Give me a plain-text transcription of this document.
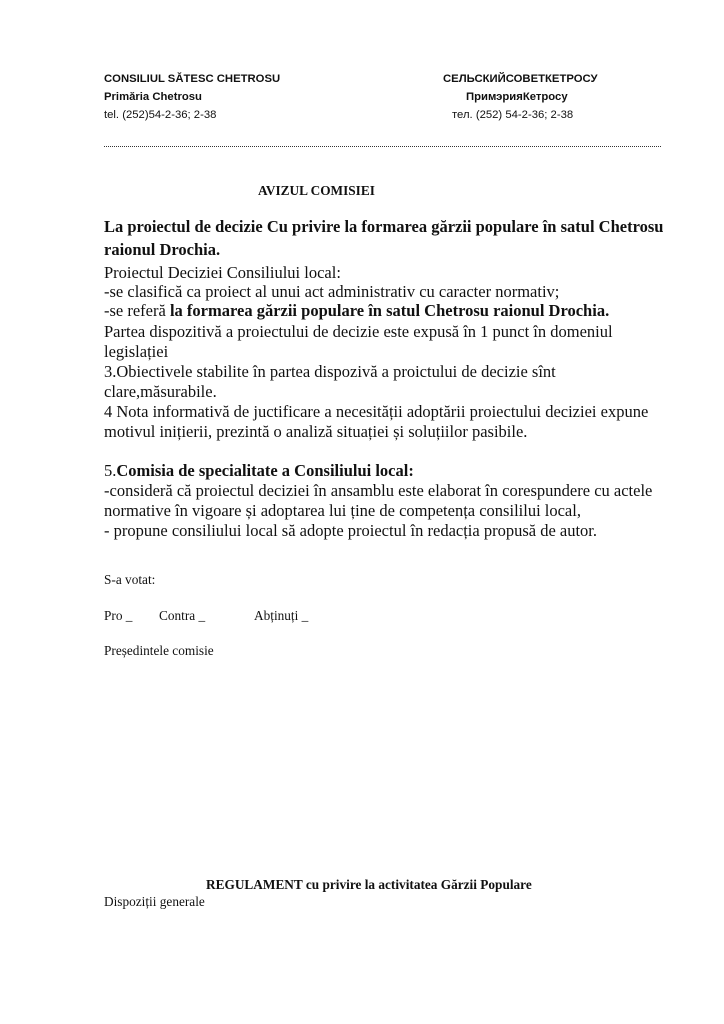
CONSILIUL SĂTESC CHETROSU
Primăria Chetrosu
tel. (252)54-2-36; 2-38
СЕЛЬСКИЙСОВЕТКЕТРОСУ
ПримэрияКетросу
тел. (252) 54-2-36; 2-38
AVIZUL COMISIEI
La proiectul de decizie Cu privire la formarea gărzii populare în satul Chetrosu
raionul Drochia.
Proiectul Deciziei Consiliului local:
-se clasifică ca proiect al unui act administrativ cu caracter normativ;
-se referă la formarea gărzii populare în satul Chetrosu raionul Drochia.
Partea dispozitivă a proiectului de decizie este expusă în 1 punct în domeniul
legislației
3.Obiectivele stabilite în partea dispozivă a proictului de decizie sînt
clare,măsurabile.
4 Nota informativă de juctificare a necesității adoptării proiectului deciziei expune
motivul inițierii, prezintă o analiză situației și soluțiilor pasibile.
5.Comisia de specialitate a Consiliului local:
-consideră că proiectul deciziei în ansamblu este elaborat în corespundere cu actele
normative în vigoare și adoptarea lui ține de competența consililui local,
- propune consiliului local să adopte proiectul în redacția propusă de autor.
S-a votat:
Pro _ Contra _	Abținuți _
Președintele comisie
REGULAMENT cu privire la activitatea Gărzii Populare
Dispoziții generale
